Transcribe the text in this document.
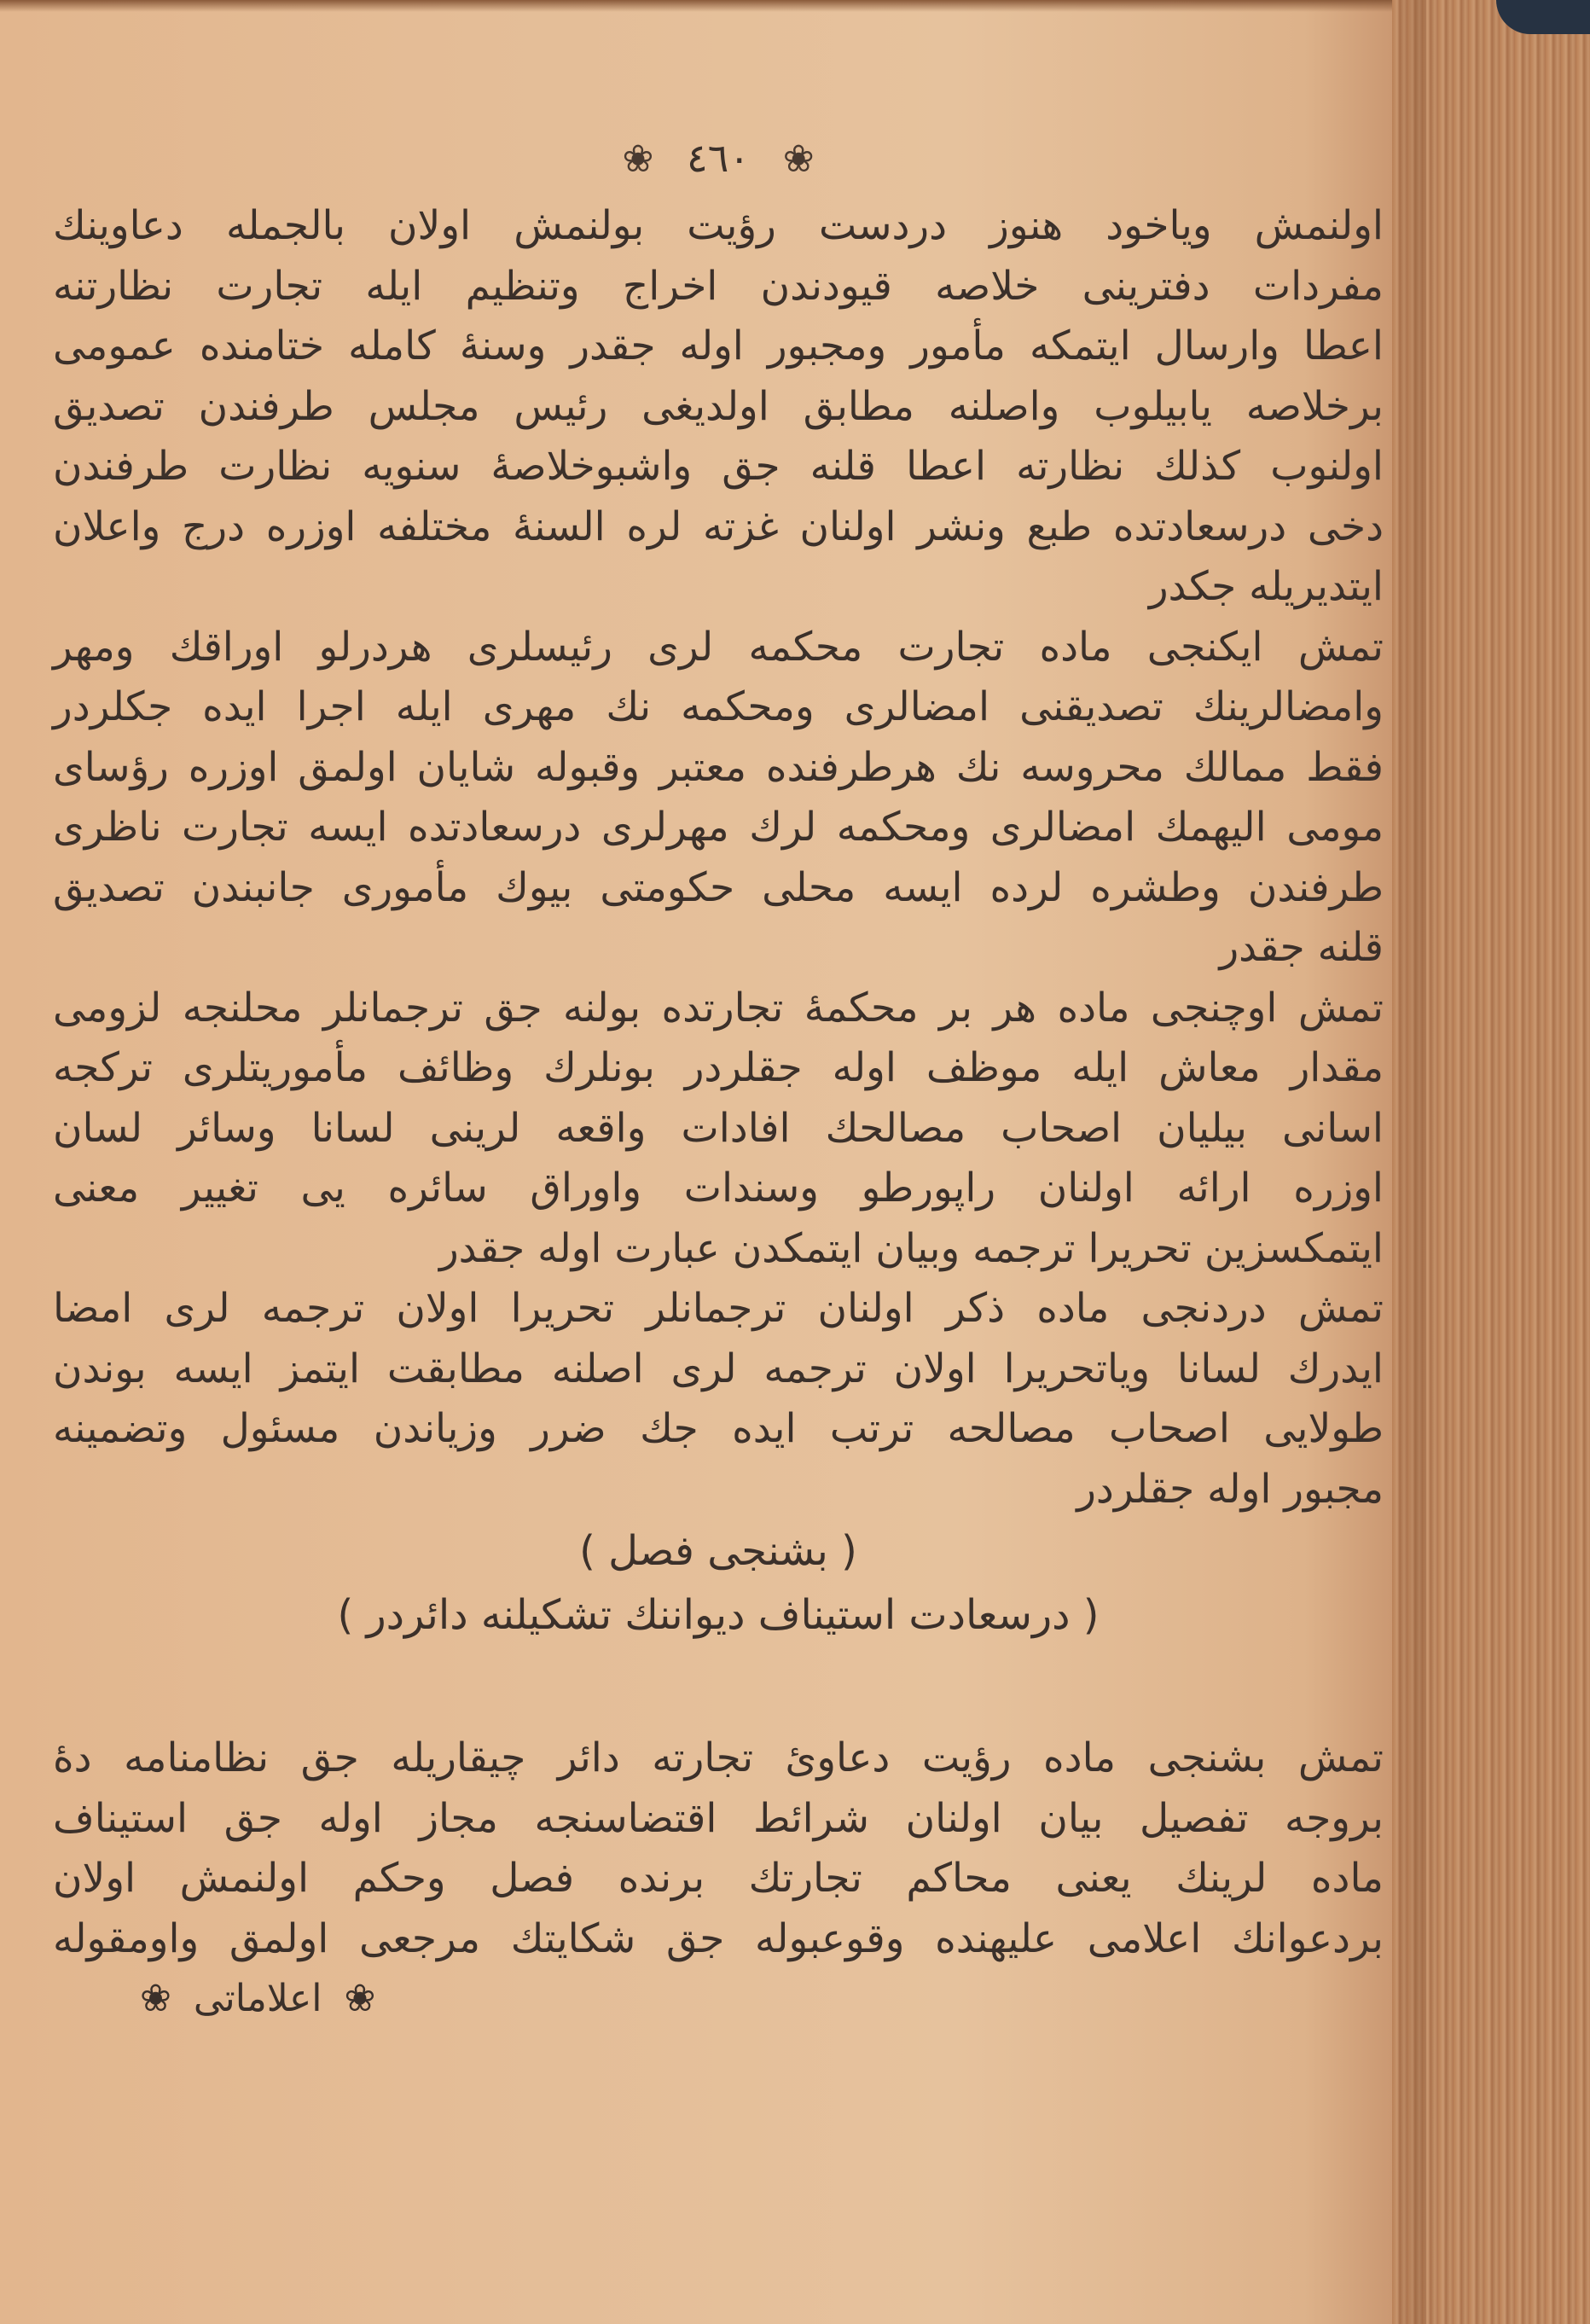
❀ ٤٦٠ ❀
اولنمش وياخود هنوز دردست رؤيت بولنمش اولان بالجمله دعاوينك
مفردات دفترينى خلاصه قيودندن اخراج وتنظيم ايله تجارت نظارتنه
اعطا وارسال ايتمكه مأمور ومجبور اوله جقدر وسنهٔ كامله ختامنده عمومى
برخلاصه يابيلوب واصلنه مطابق اولديغى رئيس مجلس طرفندن تصديق
اولنوب كذلك نظارته اعطا قلنه جق واشبوخلاصهٔ سنويه نظارت طرفندن
دخى درسعادتده طبع ونشر اولنان غزته لره السنهٔ مختلفه اوزره درج واعلان
ايتديريله جكدر
تمش ايكنجى ماده تجارت محكمه لرى رئيسلرى هردرلو اوراقك ومهر
وامضالرينك تصديقنى امضالرى ومحكمه نك مهرى ايله اجرا ايده جكلردر
فقط ممالك محروسه نك هرطرفنده معتبر وقبوله شايان اولمق اوزره رؤساى
مومى اليهمك امضالرى ومحكمه لرك مهرلرى درسعادتده ايسه تجارت ناظرى
طرفندن وطشره لرده ايسه محلى حكومتى بيوك مأمورى جانبندن تصديق
قلنه جقدر
تمش اوچنجى ماده هر بر محكمهٔ تجارتده بولنه جق ترجمانلر محلنجه لزومى
مقدار معاش ايله موظف اوله جقلردر بونلرك وظائف مأموريتلرى تركجه
اسانى بيليان اصحاب مصالحك افادات واقعه لرينى لسانا وسائر لسان
اوزره ارائه اولنان راپورطو وسندات واوراق سائره يى تغيير معنى
ايتمكسزين تحريرا ترجمه وبيان ايتمكدن عبارت اوله جقدر
تمش دردنجى ماده ذكر اولنان ترجمانلر تحريرا اولان ترجمه لرى امضا
ايدرك لسانا وياتحريرا اولان ترجمه لرى اصلنه مطابقت ايتمز ايسه بوندن
طولايى اصحاب مصالحه ترتب ايده جك ضرر وزياندن مسئول وتضمينه
مجبور اوله جقلردر
( بشنجى فصل )
( درسعادت استيناف ديواننك تشكيلنه دائردر )
تمش بشنجى ماده رؤيت دعاوىٔ تجارته دائر چيقاريله جق نظامنامه دهٔ
بروجه تفصيل بيان اولنان شرائط اقتضاسنجه مجاز اوله جق استيناف
ماده لرينك يعنى محاكم تجارتك برنده فصل وحكم اولنمش اولان
بردعوانك اعلامى عليهنده وقوعبوله جق شكايتك مرجعى اولمق واومقوله
❀ اعلاماتى ❀
